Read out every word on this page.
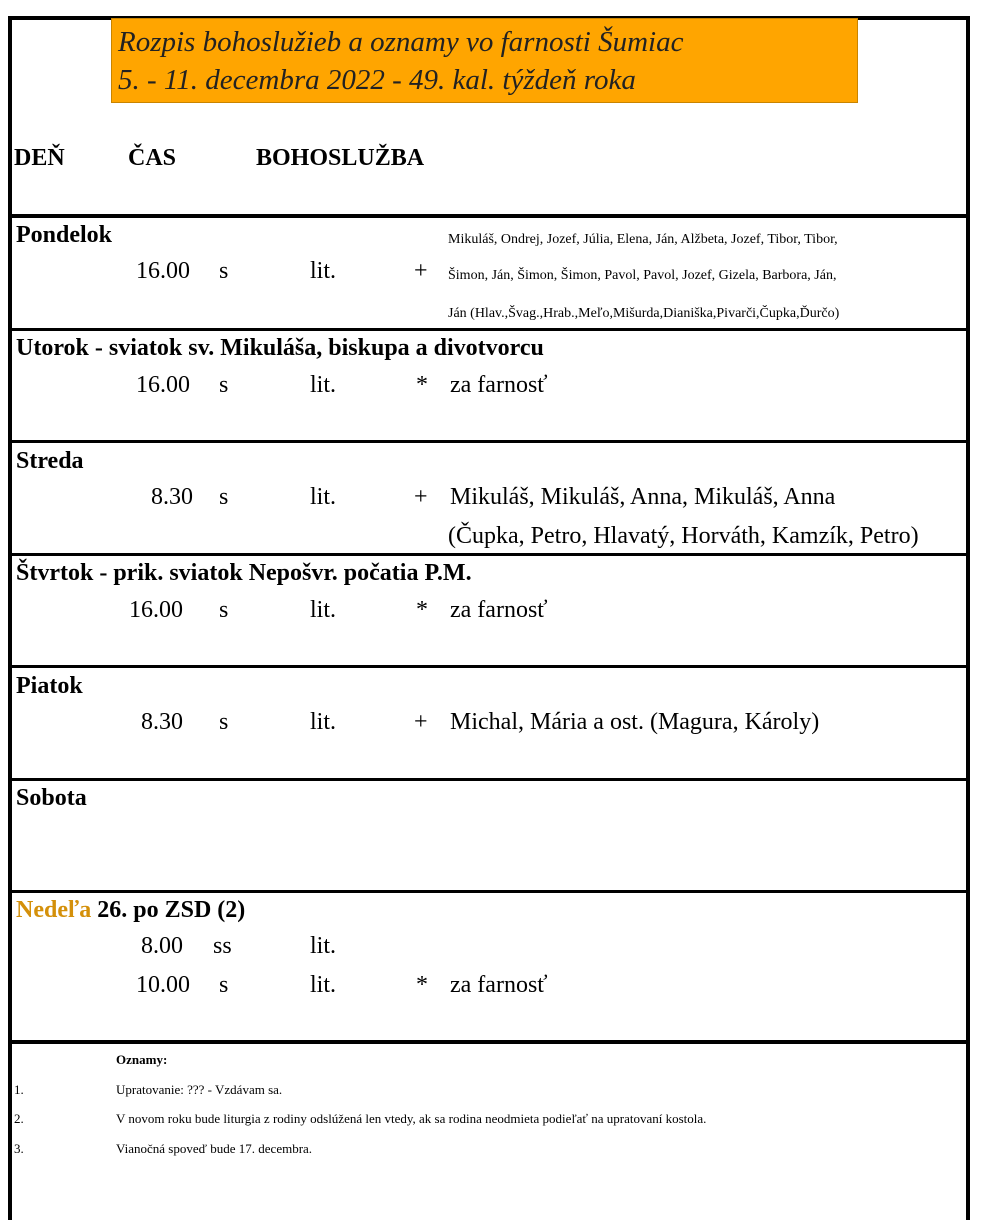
Rozpis bohoslužieb a oznamy vo farnosti Šumiac
5. - 11. decembra 2022 - 49. kal. týždeň roka
DEŇ	ČAS	BOHOSLUŽBA
Pondelok
16.00 s	lit.	+
Mikuláš, Ondrej, Jozef, Júlia, Elena, Ján, Alžbeta, Jozef, Tibor, Tibor,
Šimon, Ján, Šimon, Šimon, Pavol, Pavol, Jozef, Gizela, Barbora, Ján,
Ján (Hlav.,Švag.,Hrab.,Meľo,Mišurda,Dianiška,Pivarči,Čupka,Ďurčo)
Utorok - sviatok sv. Mikuláša, biskupa a divotvorcu
16.00 s	lit.	* za farnosť
Streda
8.30 s	lit.	+ Mikuláš, Mikuláš, Anna, Mikuláš, Anna
(Čupka, Petro, Hlavatý, Horváth, Kamzík, Petro)
Štvrtok - prik. sviatok Nepošvr. počatia P.M.
16.00 s	lit.	* za farnosť
Piatok
8.30 s	lit.	+ Michal, Mária a ost. (Magura, Károly)
Sobota
Nedeľa 26. po ZSD (2)
8.00 ss	lit.
10.00 s	lit.	* za farnosť
Oznamy:
1.	Upratovanie: ??? - Vzdávam sa.
2.	V novom roku bude liturgia z rodiny odslúžená len vtedy, ak sa rodina neodmieta podieľať na upratovaní kostola.
3.	Vianočná spoveď bude 17. decembra.
